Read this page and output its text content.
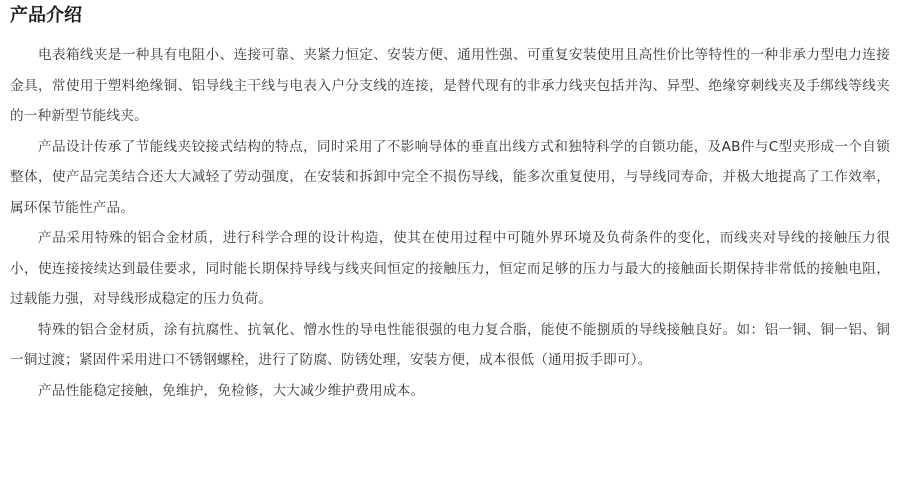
产品介绍

电表箱线夹是一种具有电阻小、连接可靠、夹紧力恒定、安装方便、通用性强、可重复安装使用且高性价比等特性的一种非承力型电力连接金具，常使用于塑料绝缘铜、铝导线主干线与电表入户分支线的连接，是替代现有的非承力线夹包括并沟、异型、绝缘穿刺线夹及手绑线等线夹的一种新型节能线夹。

产品设计传承了节能线夹铰接式结构的特点，同时采用了不影响导体的垂直出线方式和独特科学的自锁功能，及AB件与C型夹形成一个自锁整体，使产品完美结合还大大减轻了劳动强度，在安装和拆卸中完全不损伤导线，能多次重复使用，与导线同寿命，并极大地提高了工作效率，属环保节能性产品。

产品采用特殊的铝合金材质，进行科学合理的设计构造，使其在使用过程中可随外界环境及负荷条件的变化，而线夹对导线的接触压力很小，使连接接续达到最佳要求，同时能长期保持导线与线夹间恒定的接触压力，恒定而足够的压力与最大的接触面长期保持非常低的接触电阻，过载能力强，对导线形成稳定的压力负荷。

特殊的铝合金材质，涂有抗腐性、抗氧化、憎水性的导电性能很强的电力复合脂，能使不能捌质的导线接触良好。如：铝一铜、铜一铝、铜一铜过渡；紧固件采用进口不锈钢螺栓，进行了防腐、防锈处理，安装方便，成本很低（通用扳手即可）。

产品性能稳定接触，免维护，免检修，大大减少维护费用成本。
